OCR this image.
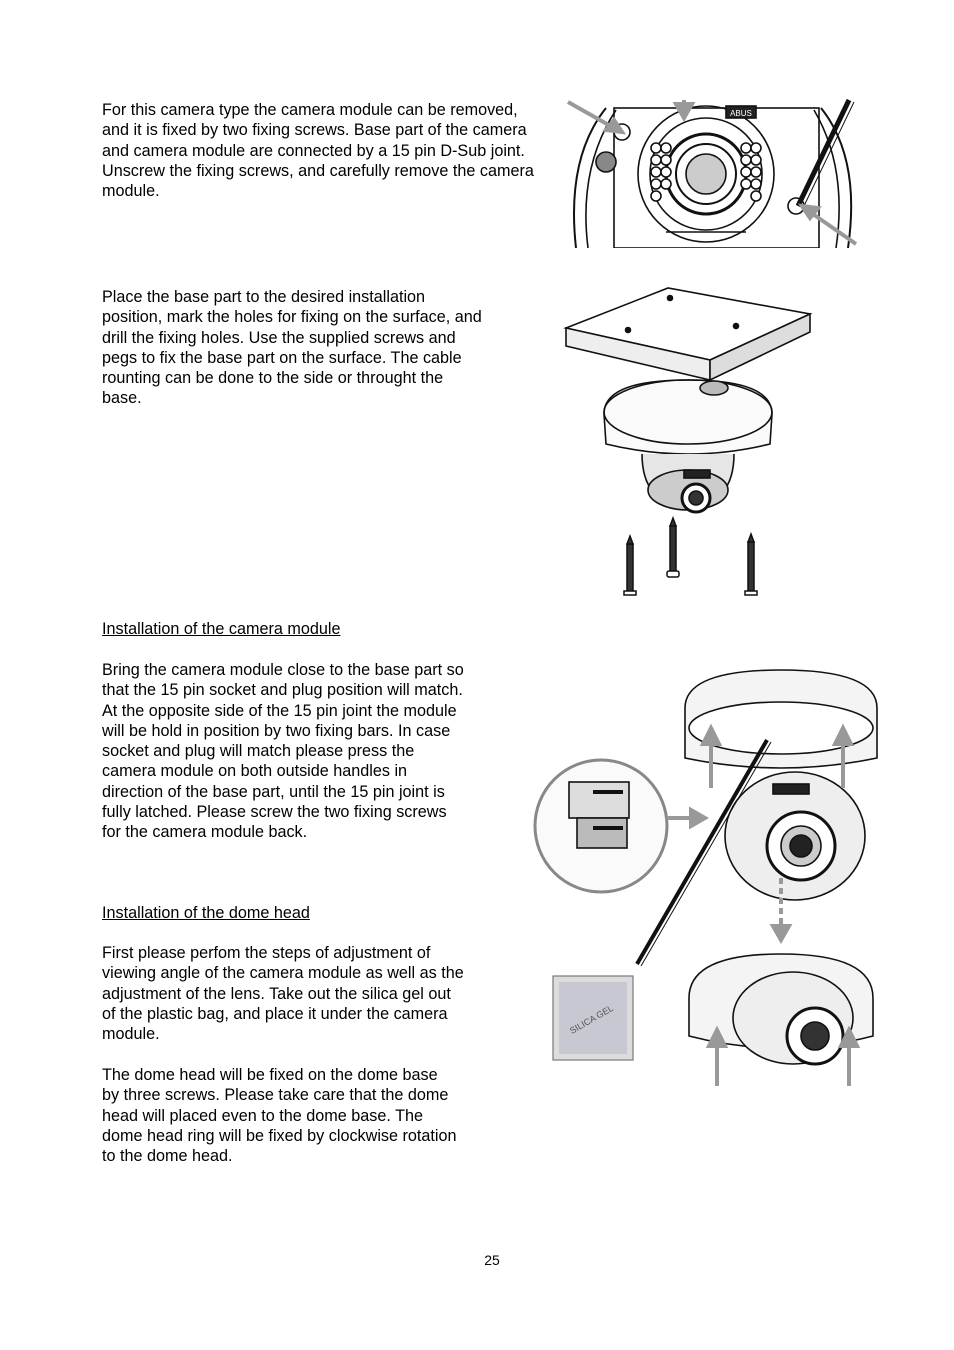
For this camera type the camera module can be removed, and it is fixed by two fixing screws. Base part of the camera and camera module are connected by a 15 pin D-Sub joint. Unscrew the fixing screws, and carefully remove the camera module.

ABUS

Place the base part to the desired installation position, mark the holes for fixing on the surface, and drill the fixing holes. Use the supplied screws and pegs to fix the base part on the surface. The cable rounting can be done to the side or throught the base.

Installation of the camera module

Bring the camera module close to the base part so that the 15 pin socket and plug position will match. At the opposite side of the 15 pin joint the module will be hold in position by two fixing bars. In case socket and plug will match please press the camera module on both outside handles in direction of the base part, until the 15 pin joint is fully latched. Please screw the two fixing screws for the camera module back.

SILICA GEL

Installation of the dome head

First please perfom the steps of adjustment of viewing angle of the camera module as well as the adjustment of the lens. Take out the silica gel out of the plastic bag, and place it under the camera module.

The dome head will be fixed on the dome base by three screws. Please take care that the dome head will placed even to the dome base. The dome head ring will be fixed by clockwise rotation to the dome head.

25
